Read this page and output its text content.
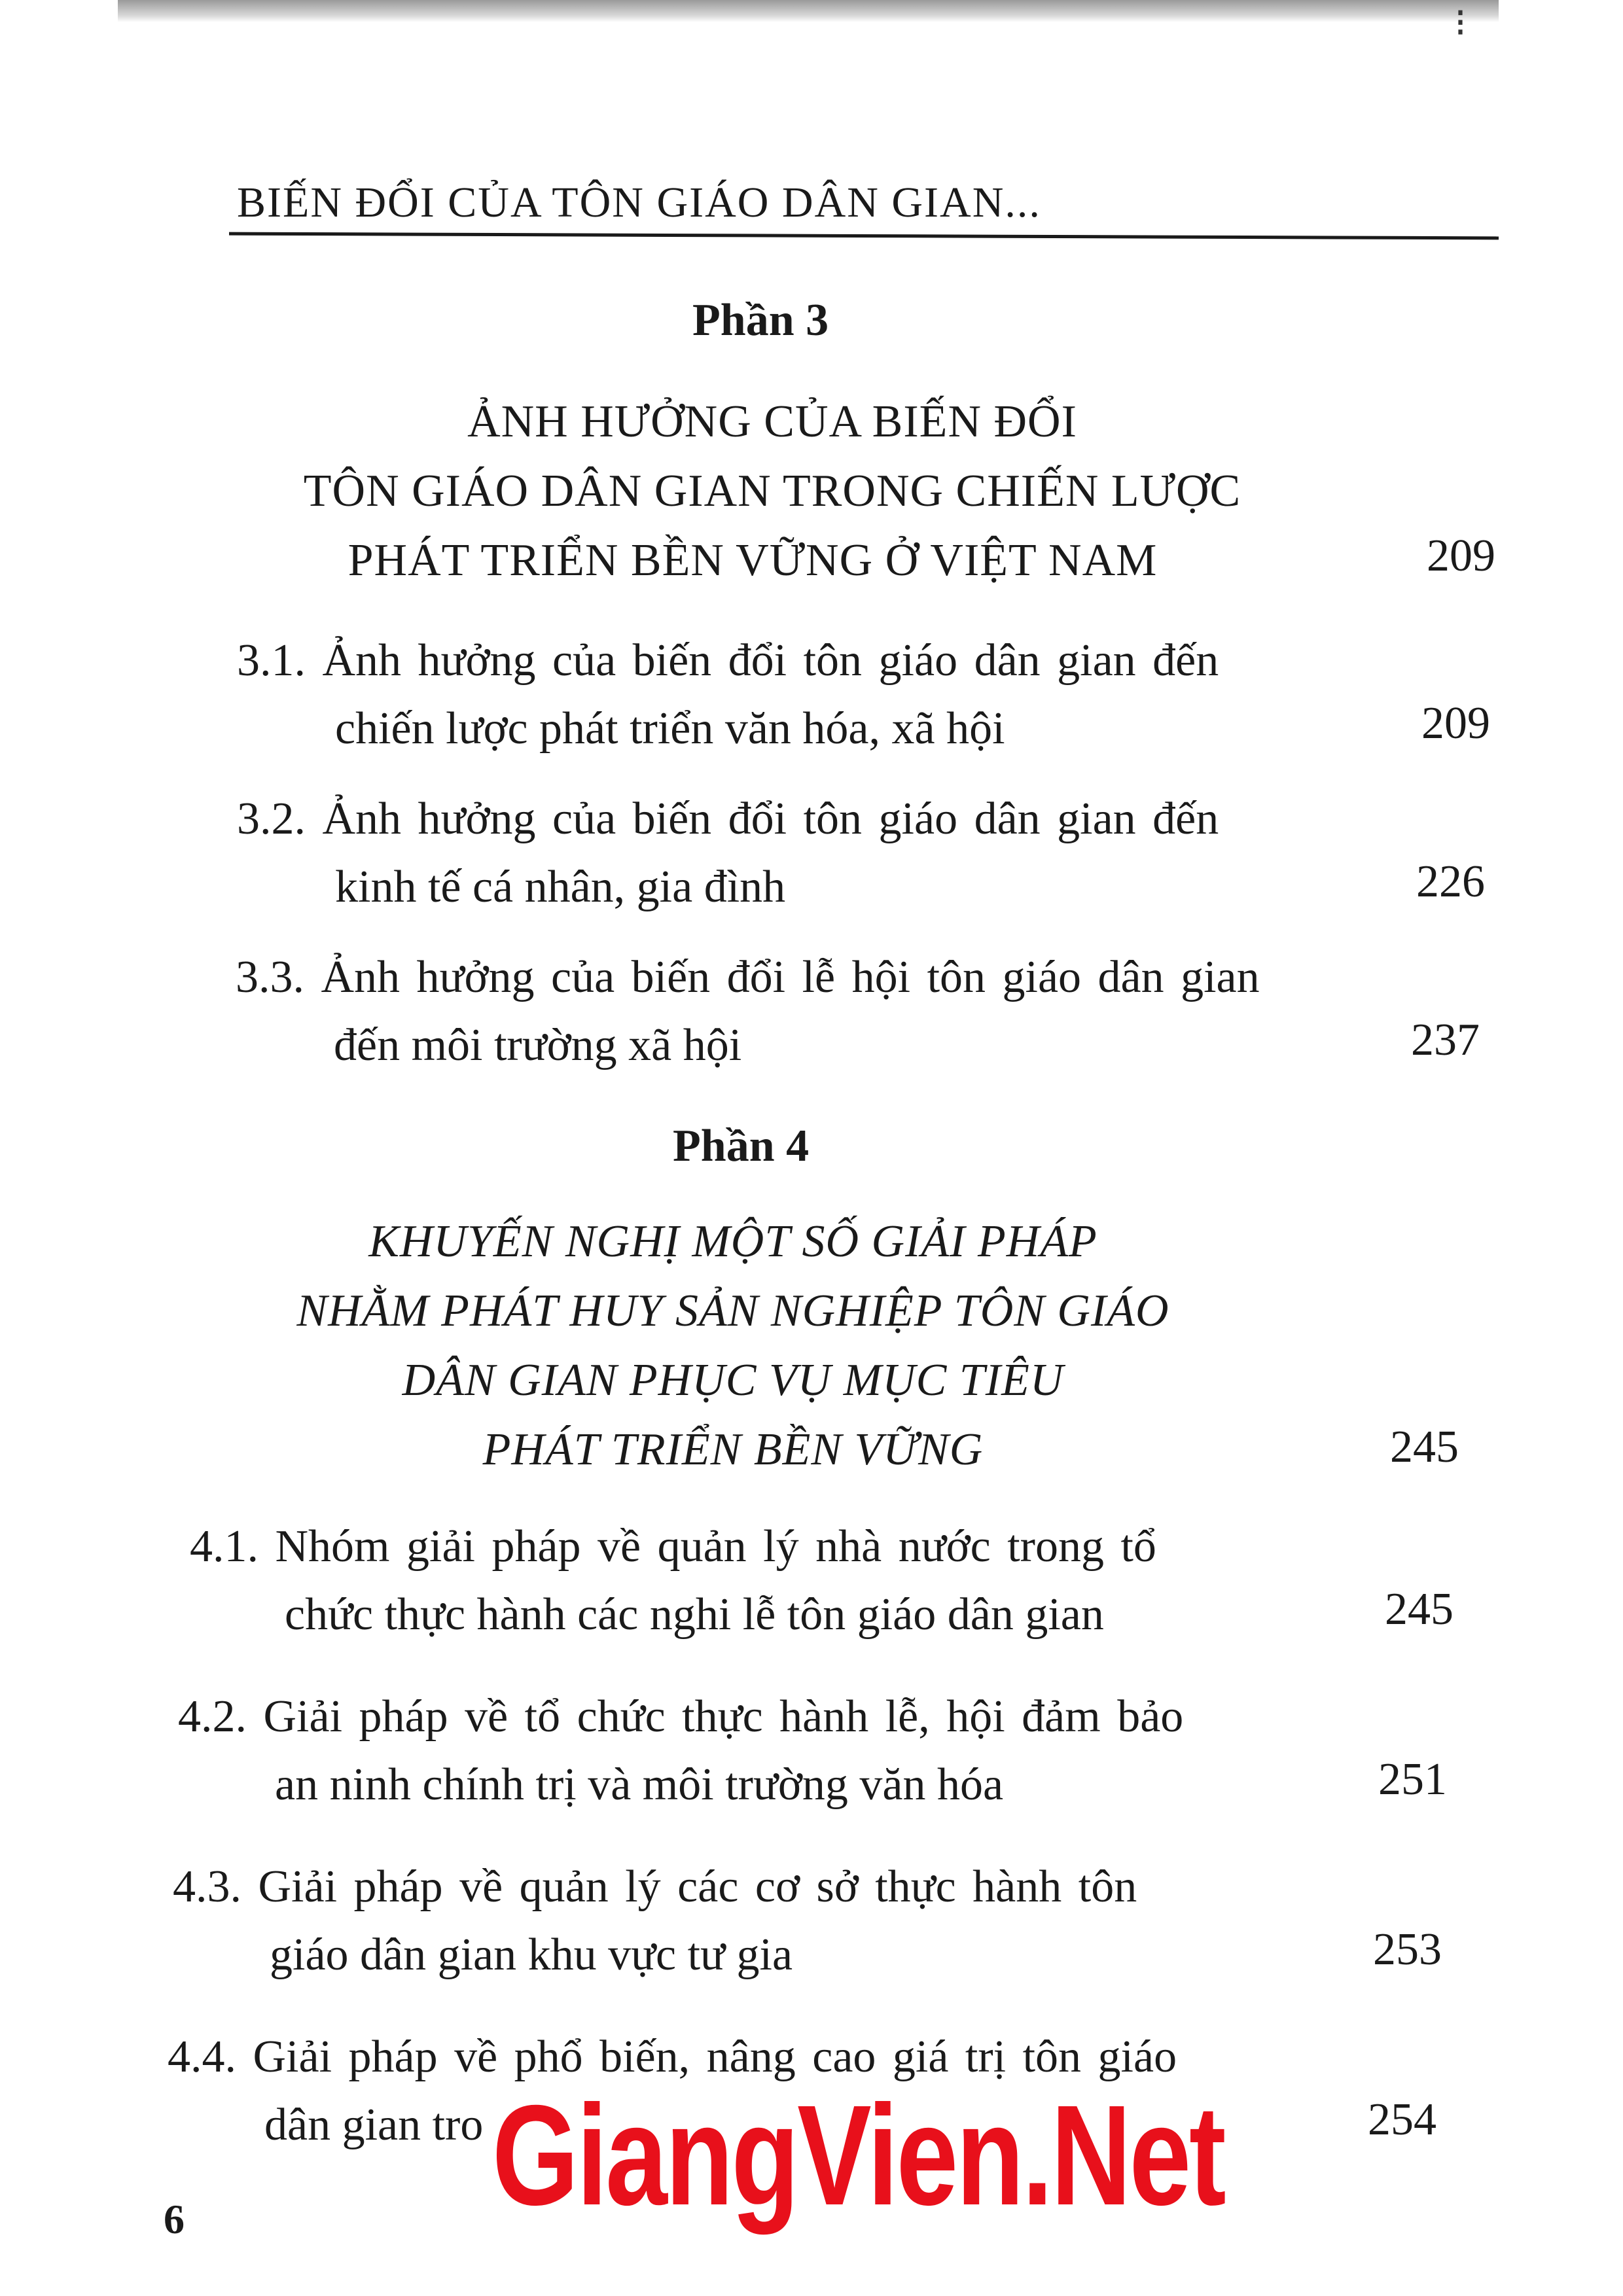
⁝
BIẾN ĐỔI CỦA TÔN GIÁO DÂN GIAN...
Phần 3
ẢNH HƯỞNG CỦA BIẾN ĐỔI
TÔN GIÁO DÂN GIAN TRONG CHIẾN LƯỢC
PHÁT TRIỂN BỀN VỮNG Ở VIỆT NAM	209
3.1. Ảnh hưởng của biến đổi tôn giáo dân gian đến
chiến lược phát triển văn hóa, xã hội	209
3.2. Ảnh hưởng của biến đổi tôn giáo dân gian đến
kinh tế cá nhân, gia đình	226
3.3. Ảnh hưởng của biến đổi lễ hội tôn giáo dân gian
đến môi trường xã hội	237
Phần 4
KHUYẾN NGHỊ MỘT SỐ GIẢI PHÁP
NHẰM PHÁT HUY SẢN NGHIỆP TÔN GIÁO
DÂN GIAN PHỤC VỤ MỤC TIÊU
PHÁT TRIỂN BỀN VỮNG	245
4.1. Nhóm giải pháp về quản lý nhà nước trong tổ
chức thực hành các nghi lễ tôn giáo dân gian	245
4.2. Giải pháp về tổ chức thực hành lễ, hội đảm bảo
an ninh chính trị và môi trường văn hóa	251
4.3. Giải pháp về quản lý các cơ sở thực hành tôn
giáo dân gian khu vực tư gia	253
4.4. Giải pháp về phổ biến, nâng cao giá trị tôn giáo
dân gian tro	254
GiangVien.Net
6
